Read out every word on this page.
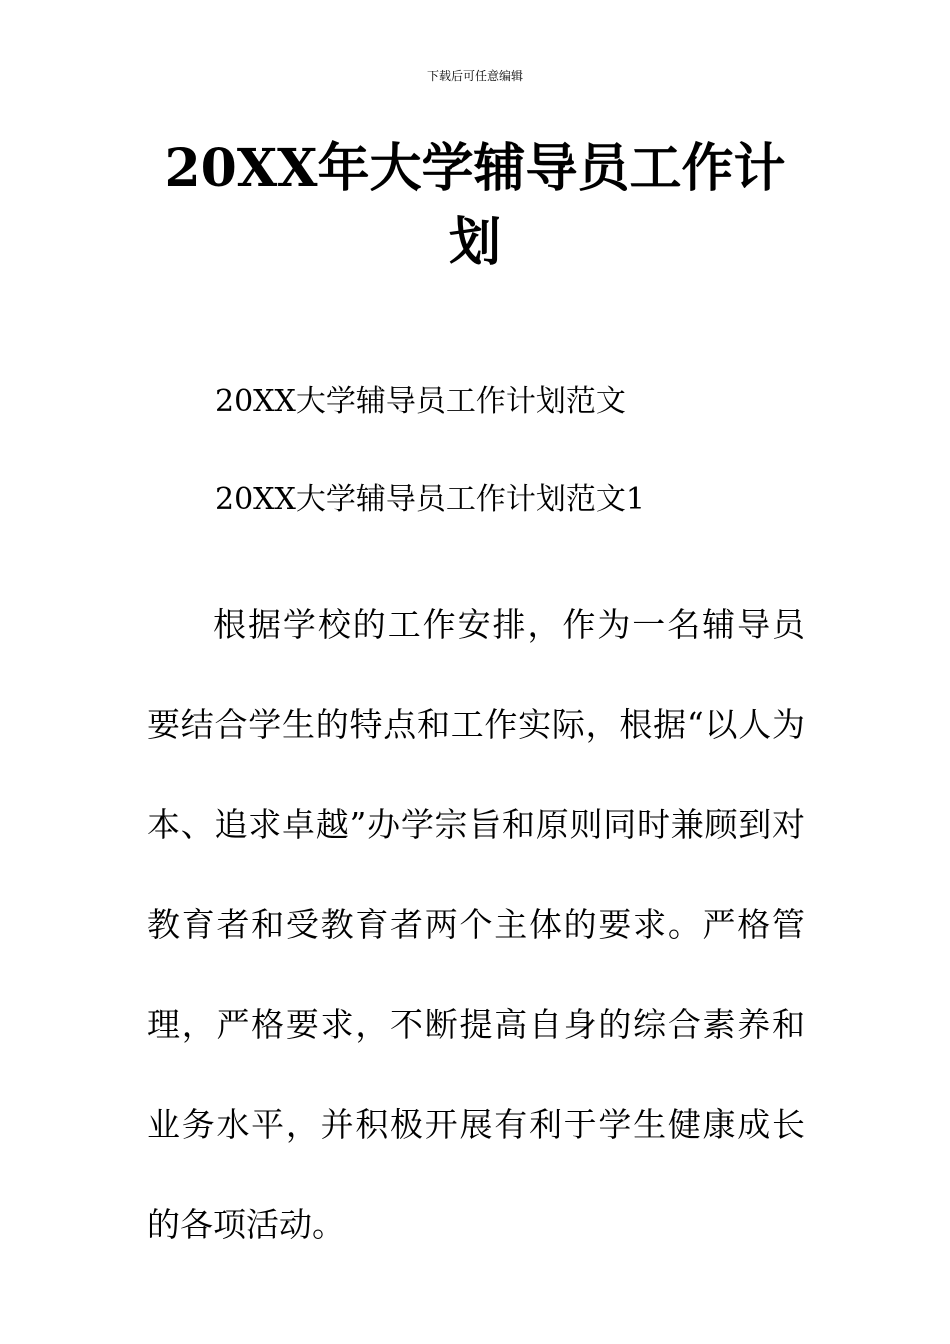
下载后可任意编辑
20XX年大学辅导员工作计划
20XX大学辅导员工作计划范文
20XX大学辅导员工作计划范文1

根据学校的工作安排，作为一名辅导员要结合学生的特点和工作实际，根据“以人为本、追求卓越”办学宗旨和原则同时兼顾到对教育者和受教育者两个主体的要求。严格管理，严格要求，不断提高自身的综合素养和业务水平，并积极开展有利于学生健康成长的各项活动。
